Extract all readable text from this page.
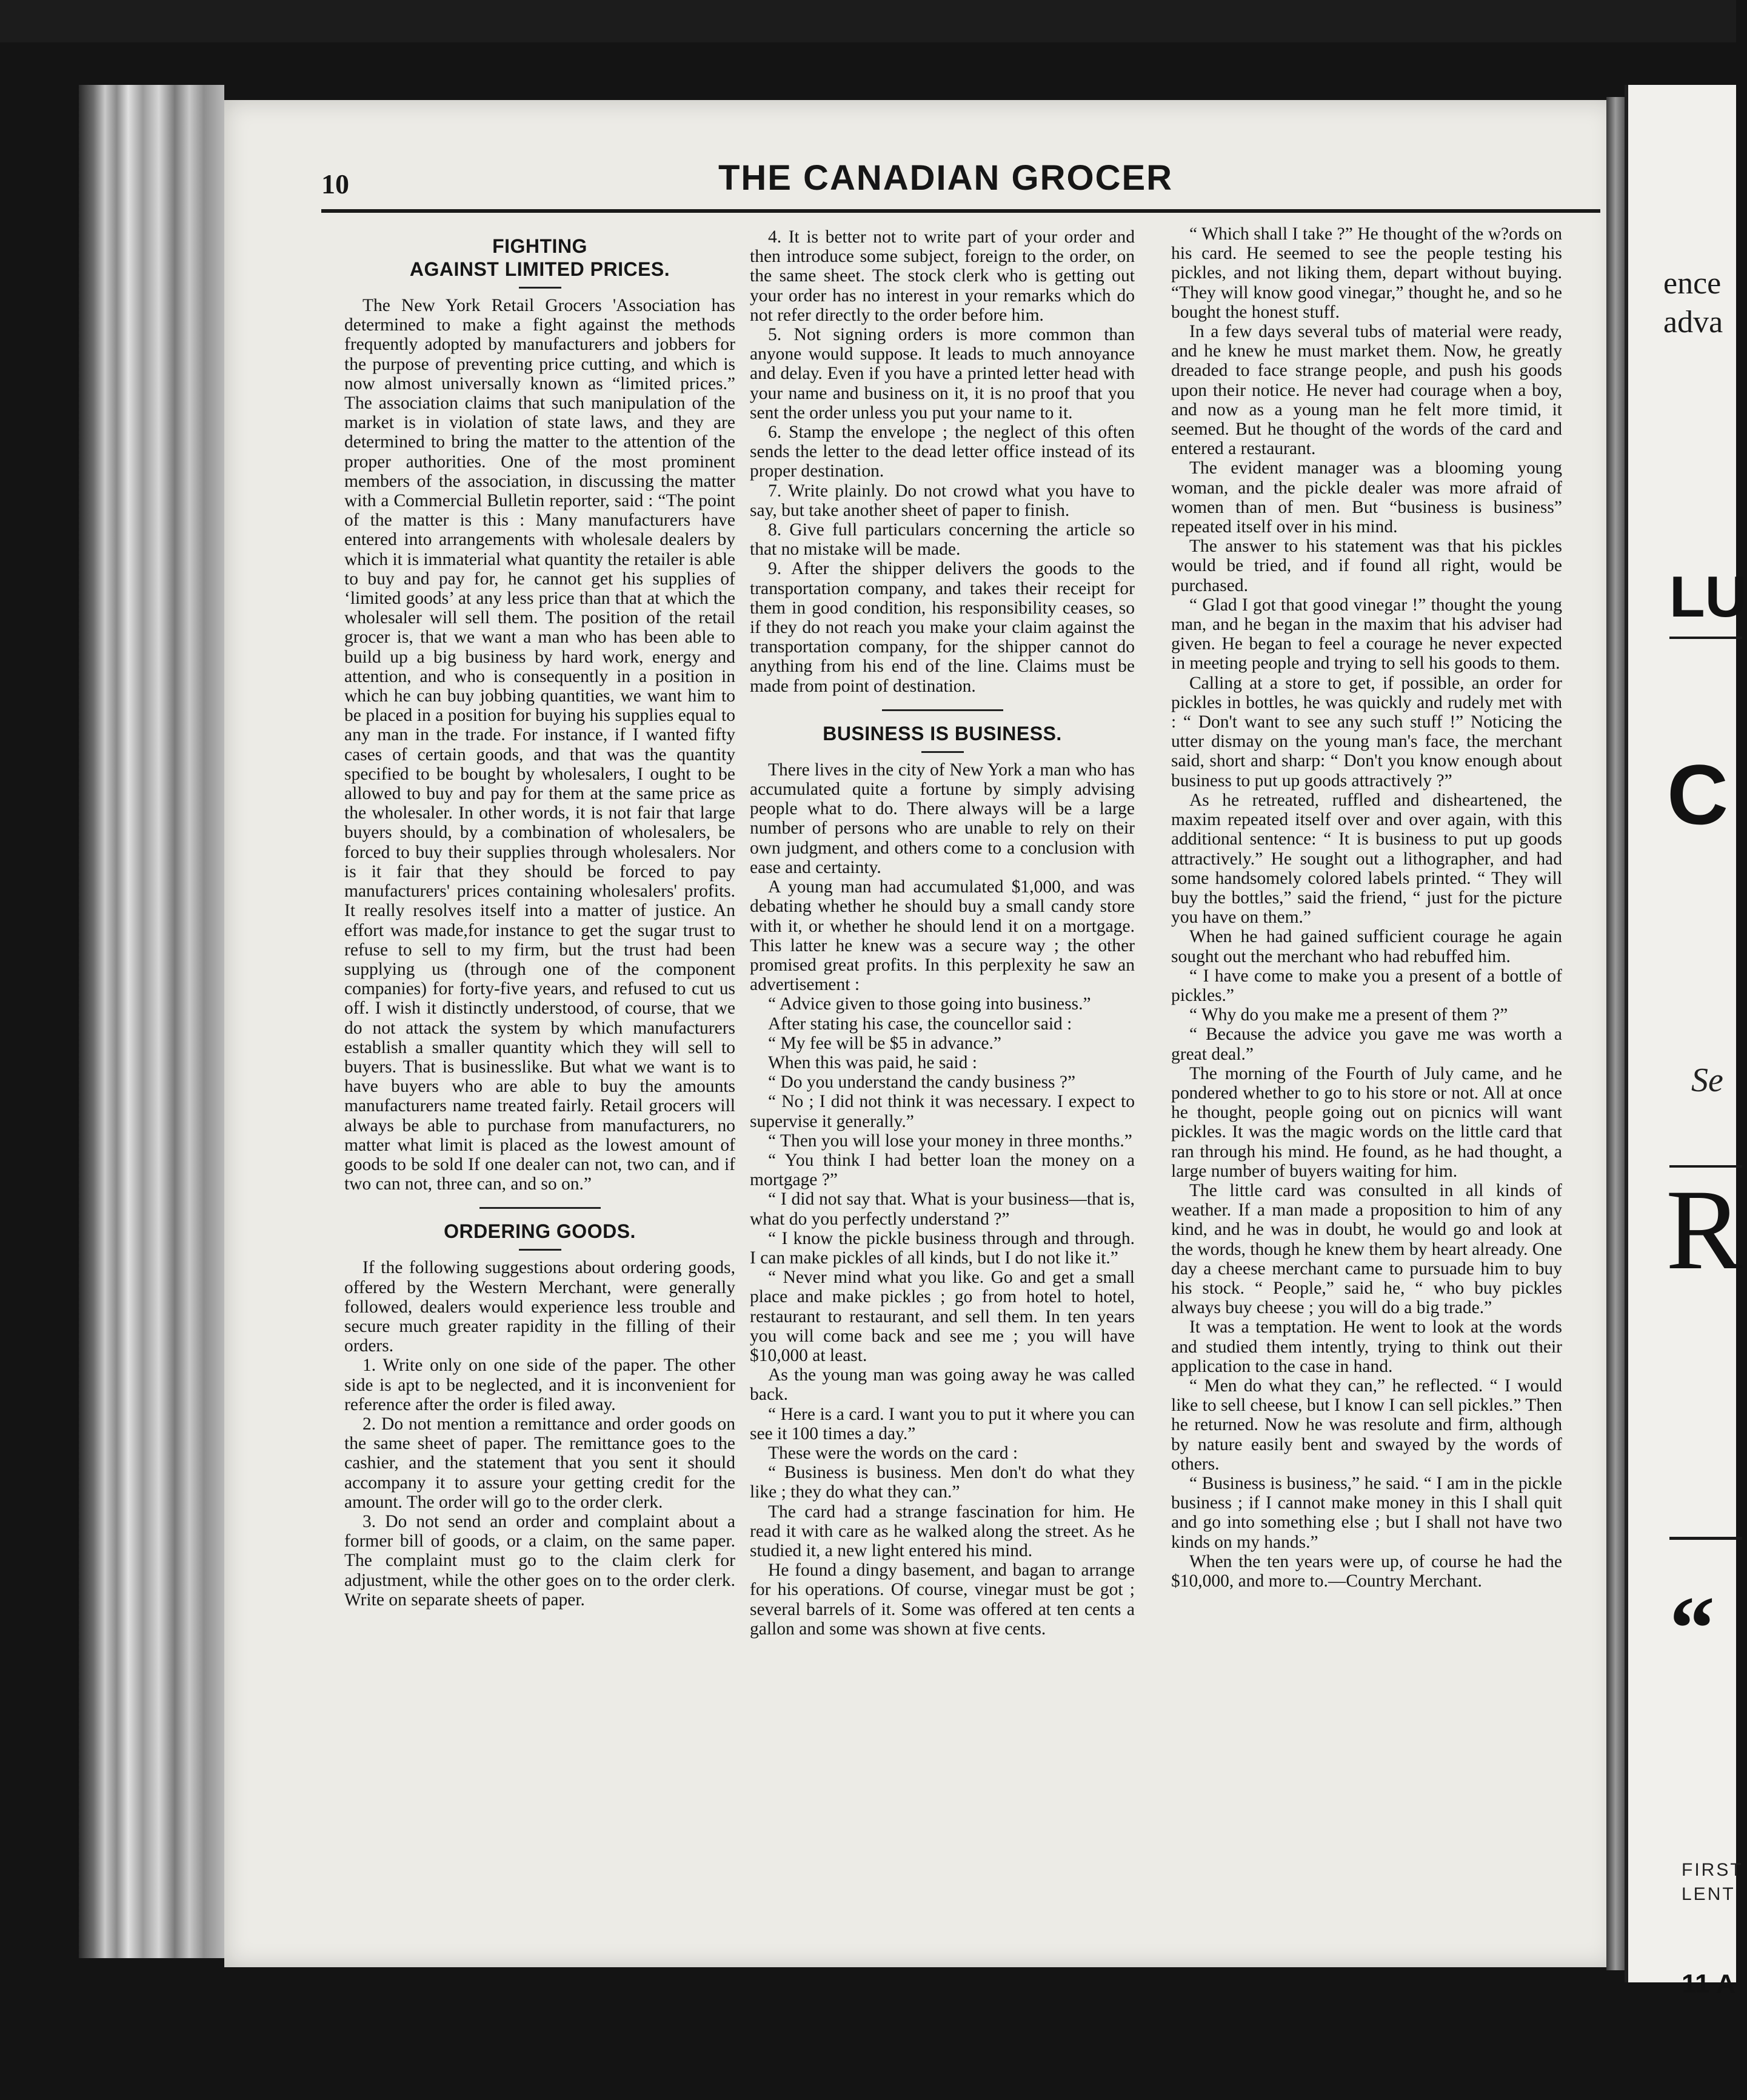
10	THE CANADIAN GROCER
FIGHTING
AGAINST LIMITED PRICES.

The New York Retail Grocers 'Association has determined to make a fight against the methods frequently adopted by manufacturers and jobbers for the purpose of preventing price cutting, and which is now almost universally known as “limited prices.” The association claims that such manipulation of the market is in violation of state laws, and they are determined to bring the matter to the attention of the proper authorities. One of the most prominent members of the association, in discussing the matter with a Commercial Bulletin reporter, said : “The point of the matter is this : Many manufacturers have entered into arrangements with wholesale dealers by which it is immaterial what quantity the retailer is able to buy and pay for, he cannot get his supplies of ‘limited goods’ at any less price than that at which the wholesaler will sell them. The position of the retail grocer is, that we want a man who has been able to build up a big business by hard work, energy and attention, and who is consequently in a position in which he can buy jobbing quantities, we want him to be placed in a position for buying his supplies equal to any man in the trade. For instance, if I wanted fifty cases of certain goods, and that was the quantity specified to be bought by wholesalers, I ought to be allowed to buy and pay for them at the same price as the wholesaler. In other words, it is not fair that large buyers should, by a combination of wholesalers, be forced to buy their supplies through wholesalers. Nor is it fair that they should be forced to pay manufacturers' prices containing wholesalers' profits. It really resolves itself into a matter of justice. An effort was made,for instance to get the sugar trust to refuse to sell to my firm, but the trust had been supplying us (through one of the component companies) for forty-five years, and refused to cut us off. I wish it distinctly understood, of course, that we do not attack the system by which manufacturers establish a smaller quantity which they will sell to buyers. That is businesslike. But what we want is to have buyers who are able to buy the amounts manufacturers name treated fairly. Retail grocers will always be able to purchase from manufacturers, no matter what limit is placed as the lowest amount of goods to be sold If one dealer can not, two can, and if two can not, three can, and so on.”

ORDERING GOODS.

If the following suggestions about ordering goods, offered by the Western Merchant, were generally followed, dealers would experience less trouble and secure much greater rapidity in the filling of their orders.

1. Write only on one side of the paper. The other side is apt to be neglected, and it is inconvenient for reference after the order is filed away.

2. Do not mention a remittance and order goods on the same sheet of paper. The remittance goes to the cashier, and the statement that you sent it should accompany it to assure your getting credit for the amount. The order will go to the order clerk.

3. Do not send an order and complaint about a former bill of goods, or a claim, on the same paper. The complaint must go to the claim clerk for adjustment, while the other goes on to the order clerk. Write on separate sheets of paper.

4. It is better not to write part of your order and then introduce some subject, foreign to the order, on the same sheet. The stock clerk who is getting out your order has no interest in your remarks which do not refer directly to the order before him.

5. Not signing orders is more common than anyone would suppose. It leads to much annoyance and delay. Even if you have a printed letter head with your name and business on it, it is no proof that you sent the order unless you put your name to it.

6. Stamp the envelope ; the neglect of this often sends the letter to the dead letter office instead of its proper destination.

7. Write plainly. Do not crowd what you have to say, but take another sheet of paper to finish.

8. Give full particulars concerning the article so that no mistake will be made.

9. After the shipper delivers the goods to the transportation company, and takes their receipt for them in good condition, his responsibility ceases, so if they do not reach you make your claim against the transportation company, for the shipper cannot do anything from his end of the line. Claims must be made from point of destination.

BUSINESS IS BUSINESS.

There lives in the city of New York a man who has accumulated quite a fortune by simply advising people what to do. There always will be a large number of persons who are unable to rely on their own judgment, and others come to a conclusion with ease and certainty.

A young man had accumulated $1,000, and was debating whether he should buy a small candy store with it, or whether he should lend it on a mortgage. This latter he knew was a secure way ; the other promised great profits. In this perplexity he saw an advertisement :

“ Advice given to those going into business.”

After stating his case, the councellor said :

“ My fee will be $5 in advance.”

When this was paid, he said :

“ Do you understand the candy business ?”

“ No ; I did not think it was necessary. I expect to supervise it generally.”

“ Then you will lose your money in three months.”

“ You think I had better loan the money on a mortgage ?”

“ I did not say that. What is your business—that is, what do you perfectly understand ?”

“ I know the pickle business through and through. I can make pickles of all kinds, but I do not like it.”

“ Never mind what you like. Go and get a small place and make pickles ; go from hotel to hotel, restaurant to restaurant, and sell them. In ten years you will come back and see me ; you will have $10,000 at least.

As the young man was going away he was called back.

“ Here is a card. I want you to put it where you can see it 100 times a day.”

These were the words on the card :

“ Business is business. Men don't do what they like ; they do what they can.”

The card had a strange fascination for him. He read it with care as he walked along the street. As he studied it, a new light entered his mind.

He found a dingy basement, and bagan to arrange for his operations. Of course, vinegar must be got ; several barrels of it. Some was offered at ten cents a gallon and some was shown at five cents.

“ Which shall I take ?” He thought of the w?ords on his card. He seemed to see the people testing his pickles, and not liking them, depart without buying. “They will know good vinegar,” thought he, and so he bought the honest stuff.

In a few days several tubs of material were ready, and he knew he must market them. Now, he greatly dreaded to face strange people, and push his goods upon their notice. He never had courage when a boy, and now as a young man he felt more timid, it seemed. But he thought of the words of the card and entered a restaurant.

The evident manager was a blooming young woman, and the pickle dealer was more afraid of women than of men. But “business is business” repeated itself over in his mind.

The answer to his statement was that his pickles would be tried, and if found all right, would be purchased.

“ Glad I got that good vinegar !” thought the young man, and he began in the maxim that his adviser had given. He began to feel a courage he never expected in meeting people and trying to sell his goods to them.

Calling at a store to get, if possible, an order for pickles in bottles, he was quickly and rudely met with : “ Don't want to see any such stuff !” Noticing the utter dismay on the young man's face, the merchant said, short and sharp: “ Don't you know enough about business to put up goods attractively ?”

As he retreated, ruffled and disheartened, the maxim repeated itself over and over again, with this additional sentence: “ It is business to put up goods attractively.” He sought out a lithographer, and had some handsomely colored labels printed. “ They will buy the bottles,” said the friend, “ just for the picture you have on them.”

When he had gained sufficient courage he again sought out the merchant who had rebuffed him.

“ I have come to make you a present of a bottle of pickles.”

“ Why do you make me a present of them ?”

“ Because the advice you gave me was worth a great deal.”

The morning of the Fourth of July came, and he pondered whether to go to his store or not. All at once he thought, people going out on picnics will want pickles. It was the magic words on the little card that ran through his mind. He found, as he had thought, a large number of buyers waiting for him.

The little card was consulted in all kinds of weather. If a man made a proposition to him of any kind, and he was in doubt, he would go and look at the words, though he knew them by heart already. One day a cheese merchant came to pursuade him to buy his stock. “ People,” said he, “ who buy pickles always buy cheese ; you will do a big trade.”

It was a temptation. He went to look at the words and studied them intently, trying to think out their application to the case in hand.

“ Men do what they can,” he reflected. “ I would like to sell cheese, but I know I can sell pickles.” Then he returned. Now he was resolute and firm, although by nature easily bent and swayed by the words of others.

“ Business is business,” he said. “ I am in the pickle business ; if I cannot make money in this I shall quit and go into something else ; but I shall not have two kinds on my hands.”

When the ten years were up, of course he had the $10,000, and more to.—Country Merchant.

ence
adva
LU
C
Se
R
“
FIRST
LENT
11 A
